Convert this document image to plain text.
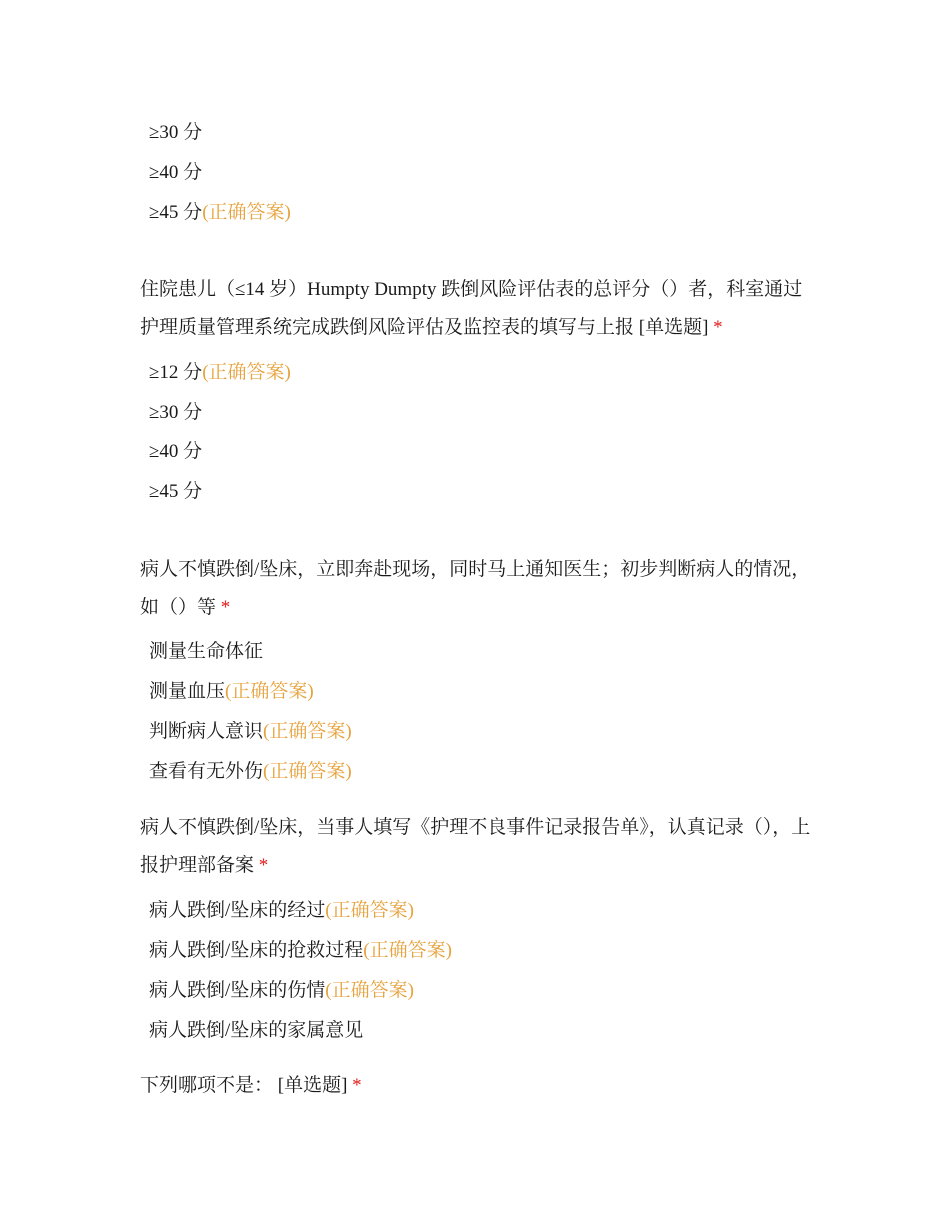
≥30 分
≥40 分
≥45 分(正确答案)
住院患儿（≤14 岁）Humpty Dumpty 跌倒风险评估表的总评分（）者，科室通过护理质量管理系统完成跌倒风险评估及监控表的填写与上报 [单选题] *
≥12 分(正确答案)
≥30 分
≥40 分
≥45 分
病人不慎跌倒/坠床，立即奔赴现场，同时马上通知医生；初步判断病人的情况，如（）等 *
测量生命体征
测量血压(正确答案)
判断病人意识(正确答案)
查看有无外伤(正确答案)
病人不慎跌倒/坠床，当事人填写《护理不良事件记录报告单》，认真记录（），上报护理部备案 *
病人跌倒/坠床的经过(正确答案)
病人跌倒/坠床的抢救过程(正确答案)
病人跌倒/坠床的伤情(正确答案)
病人跌倒/坠床的家属意见
下列哪项不是： [单选题] *
